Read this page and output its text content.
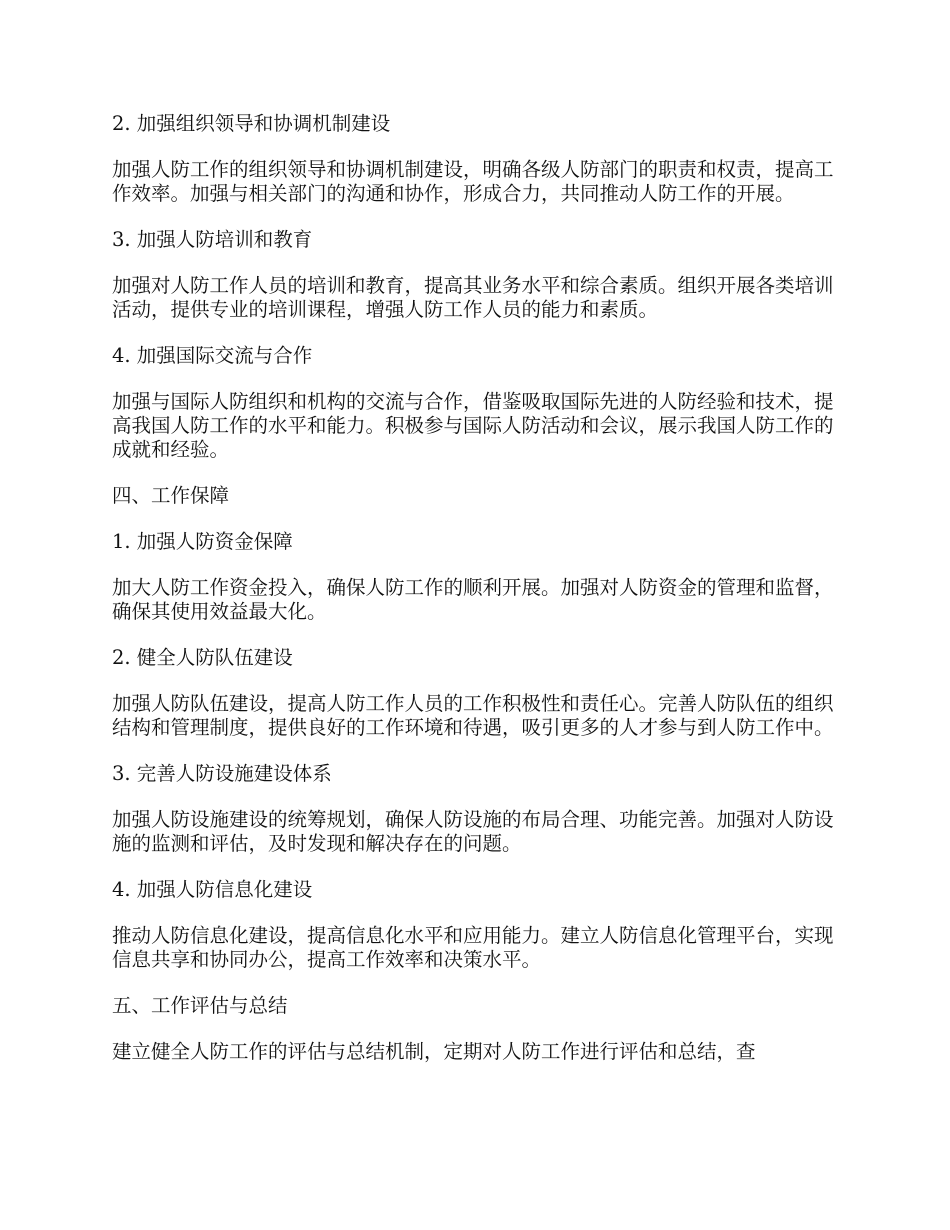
2. 加强组织领导和协调机制建设
加强人防工作的组织领导和协调机制建设，明确各级人防部门的职责和权责，提高工作效率。加强与相关部门的沟通和协作，形成合力，共同推动人防工作的开展。
3. 加强人防培训和教育
加强对人防工作人员的培训和教育，提高其业务水平和综合素质。组织开展各类培训活动，提供专业的培训课程，增强人防工作人员的能力和素质。
4. 加强国际交流与合作
加强与国际人防组织和机构的交流与合作，借鉴吸取国际先进的人防经验和技术，提高我国人防工作的水平和能力。积极参与国际人防活动和会议，展示我国人防工作的成就和经验。
四、工作保障
1. 加强人防资金保障
加大人防工作资金投入，确保人防工作的顺利开展。加强对人防资金的管理和监督，确保其使用效益最大化。
2. 健全人防队伍建设
加强人防队伍建设，提高人防工作人员的工作积极性和责任心。完善人防队伍的组织结构和管理制度，提供良好的工作环境和待遇，吸引更多的人才参与到人防工作中。
3. 完善人防设施建设体系
加强人防设施建设的统筹规划，确保人防设施的布局合理、功能完善。加强对人防设施的监测和评估，及时发现和解决存在的问题。
4. 加强人防信息化建设
推动人防信息化建设，提高信息化水平和应用能力。建立人防信息化管理平台，实现信息共享和协同办公，提高工作效率和决策水平。
五、工作评估与总结
建立健全人防工作的评估与总结机制，定期对人防工作进行评估和总结，查
